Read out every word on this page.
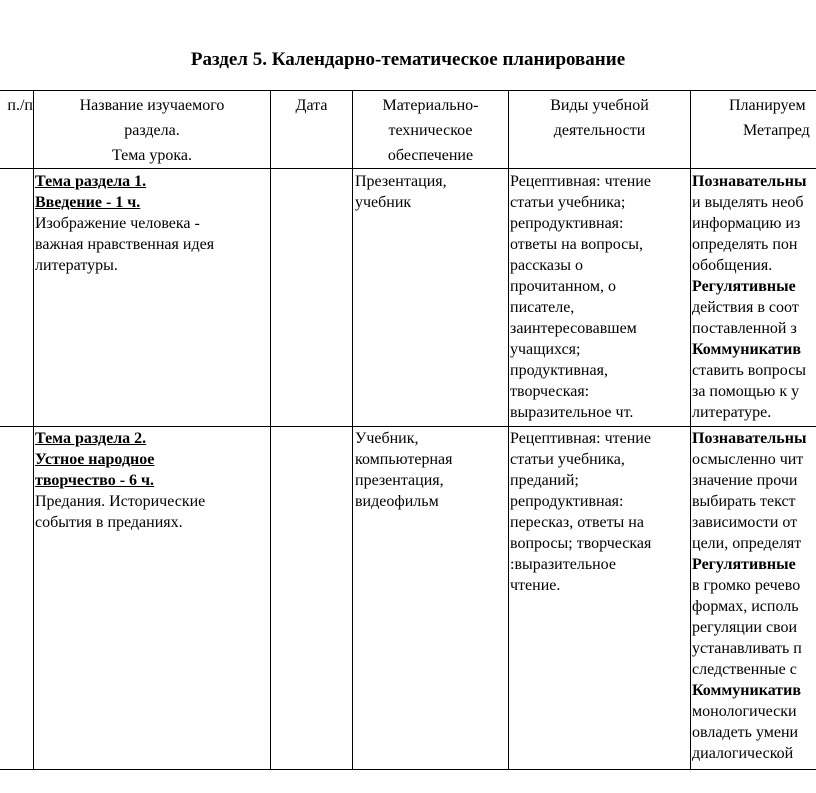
Раздел 5. Календарно-тематическое планирование
п./п	Название изучаемого
раздела.
Тема урока.
Дата	Материально-
техническое
обеспечение
Виды учебной
деятельности
Планируем
Метапред
Тема раздела 1.
Введение - 1 ч.
Изображение человека -
важная нравственная идея
литературы.
Презентация,
учебник
Рецептивная: чтение
статьи учебника;
репродуктивная:
ответы на вопросы,
рассказы о
прочитанном, о
писателе,
заинтересовавшем
учащихся;
продуктивная,
творческая:
выразительное чт.
Познавательны
и выделять необ
информацию из
определять пон
обобщения.
Регулятивные
действия в соот
поставленной з
Коммуникатив
ставить вопросы
за помощью к у
литературе.
Тема раздела 2.
Устное народное
творчество - 6 ч.
Предания. Исторические
события в преданиях.
Учебник,
компьютерная
презентация,
видеофильм
Рецептивная: чтение
статьи учебника,
преданий;
репродуктивная:
пересказ, ответы на
вопросы; творческая
:выразительное
чтение.
Познавательны
осмысленно чит
значение прочи
выбирать текст
зависимости от
цели, определят
Регулятивные
в громко речево
формах, исполь
регуляции свои
устанавливать п
следственные с
Коммуникатив
монологически
овладеть умени
диалогической
